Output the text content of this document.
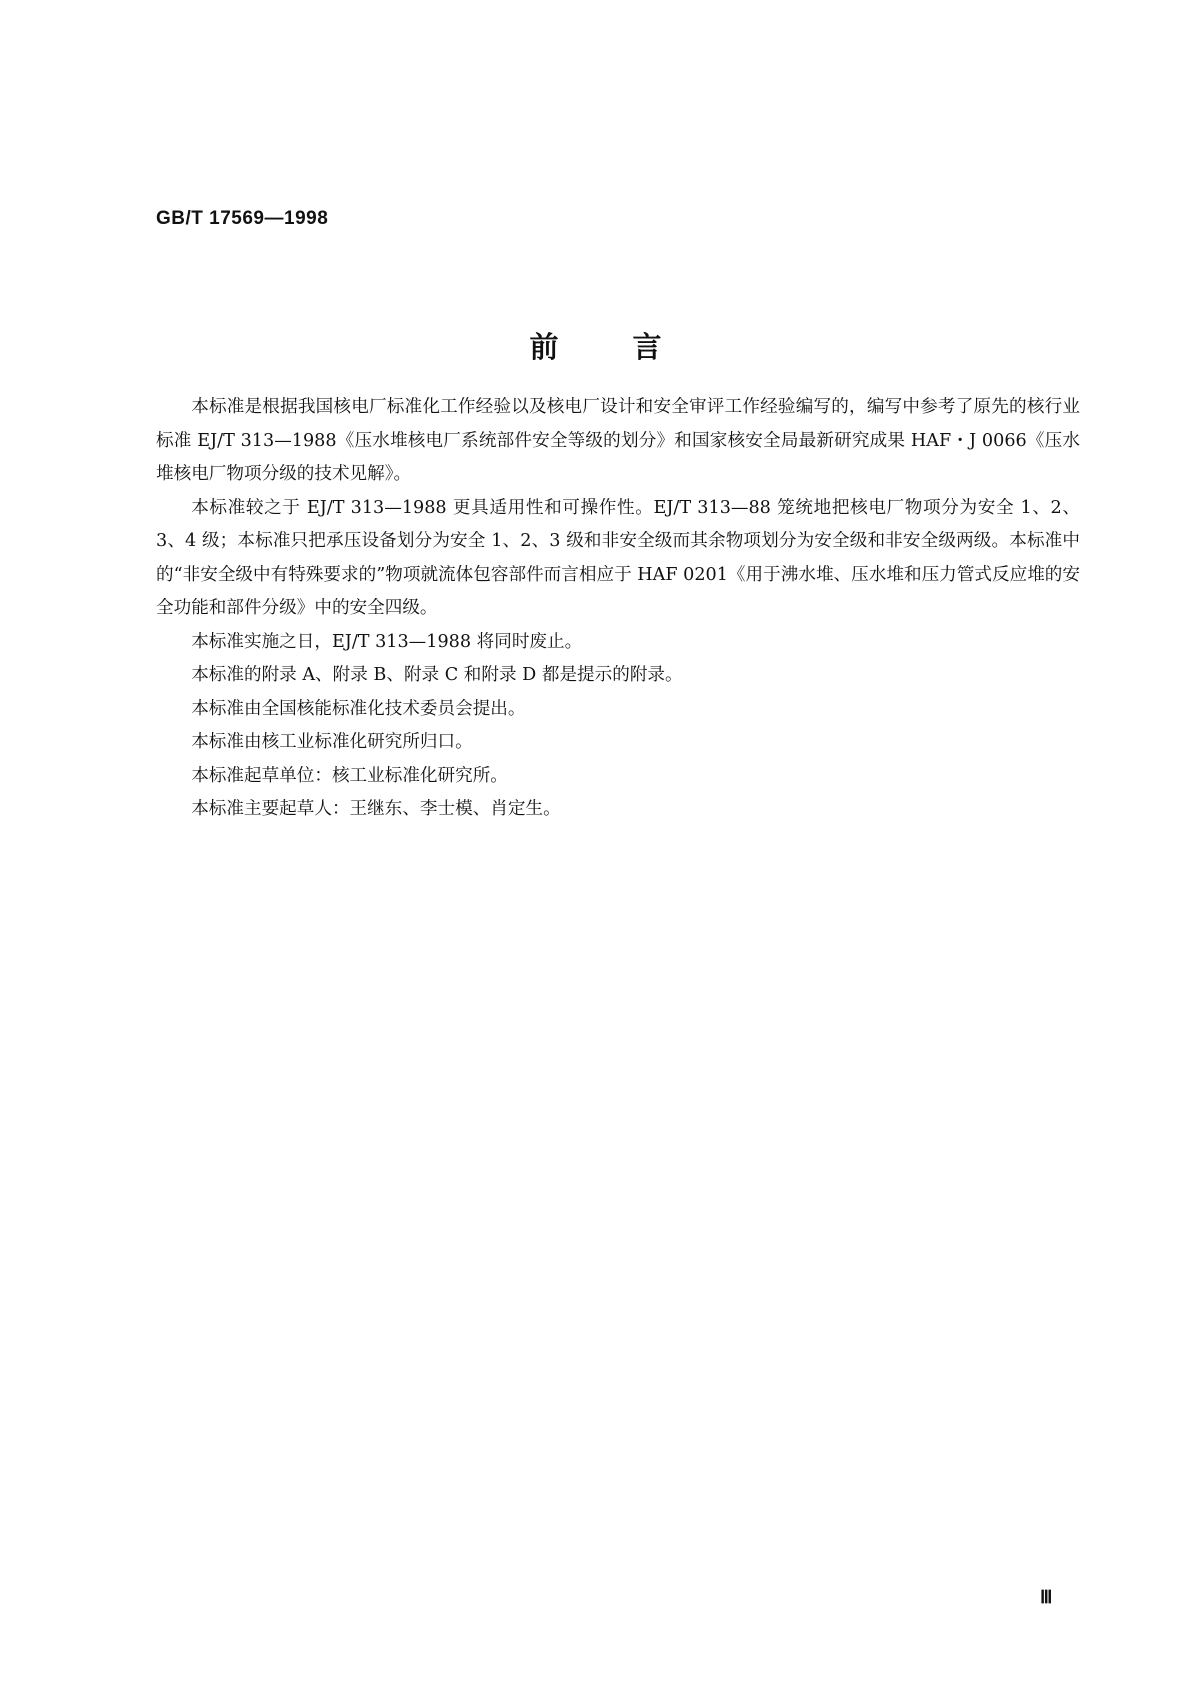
GB/T 17569—1998
前言

本标准是根据我国核电厂标准化工作经验以及核电厂设计和安全审评工作经验编写的，编写中参考了原先的核行业标准 EJ/T 313—1988《压水堆核电厂系统部件安全等级的划分》和国家核安全局最新研究成果 HAF・J 0066《压水堆核电厂物项分级的技术见解》。

本标准较之于 EJ/T 313—1988 更具适用性和可操作性。EJ/T 313—88 笼统地把核电厂物项分为安全 1、2、3、4 级；本标准只把承压设备划分为安全 1、2、3 级和非安全级而其余物项划分为安全级和非安全级两级。本标准中的“非安全级中有特殊要求的”物项就流体包容部件而言相应于 HAF 0201《用于沸水堆、压水堆和压力管式反应堆的安全功能和部件分级》中的安全四级。

本标准实施之日，EJ/T 313—1988 将同时废止。

本标准的附录 A、附录 B、附录 C 和附录 D 都是提示的附录。

本标准由全国核能标准化技术委员会提出。

本标准由核工业标准化研究所归口。

本标准起草单位：核工业标准化研究所。

本标准主要起草人：王继东、李士模、肖定生。

Ⅲ
